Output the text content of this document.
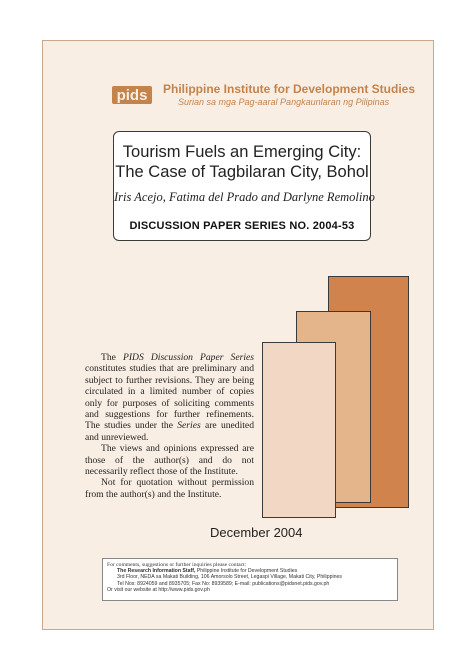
pids Philippine Institute for Development Studies
Surian sa mga Pag-aaral Pangkaunlaran ng Pilipinas
Tourism Fuels an Emerging City:
The Case of Tagbilaran City, Bohol
Iris Acejo, Fatima del Prado and Darlyne Remolino
DISCUSSION PAPER SERIES NO. 2004-53

The PIDS Discussion Paper Series constitutes studies that are preliminary and subject to further revisions. They are being circulated in a limited number of copies only for purposes of soliciting comments and suggestions for further refinements. The studies under the Series are unedited and unreviewed.

The views and opinions expressed are those of the author(s) and do not necessarily reflect those of the Institute.

Not for quotation without permission from the author(s) and the Institute.

December 2004
For comments, suggestions or further inquiries please contact:
The Research Information Staff, Philippine Institute for Development Studies
3rd Floor, NEDA sa Makati Building, 106 Amorsolo Street, Legaspi Village, Makati City, Philippines
Tel Nos: 8924059 and 8935705; Fax No: 8939589; E-mail: publications@pidsnet.pids.gov.ph
Or visit our website at http://www.pids.gov.ph
